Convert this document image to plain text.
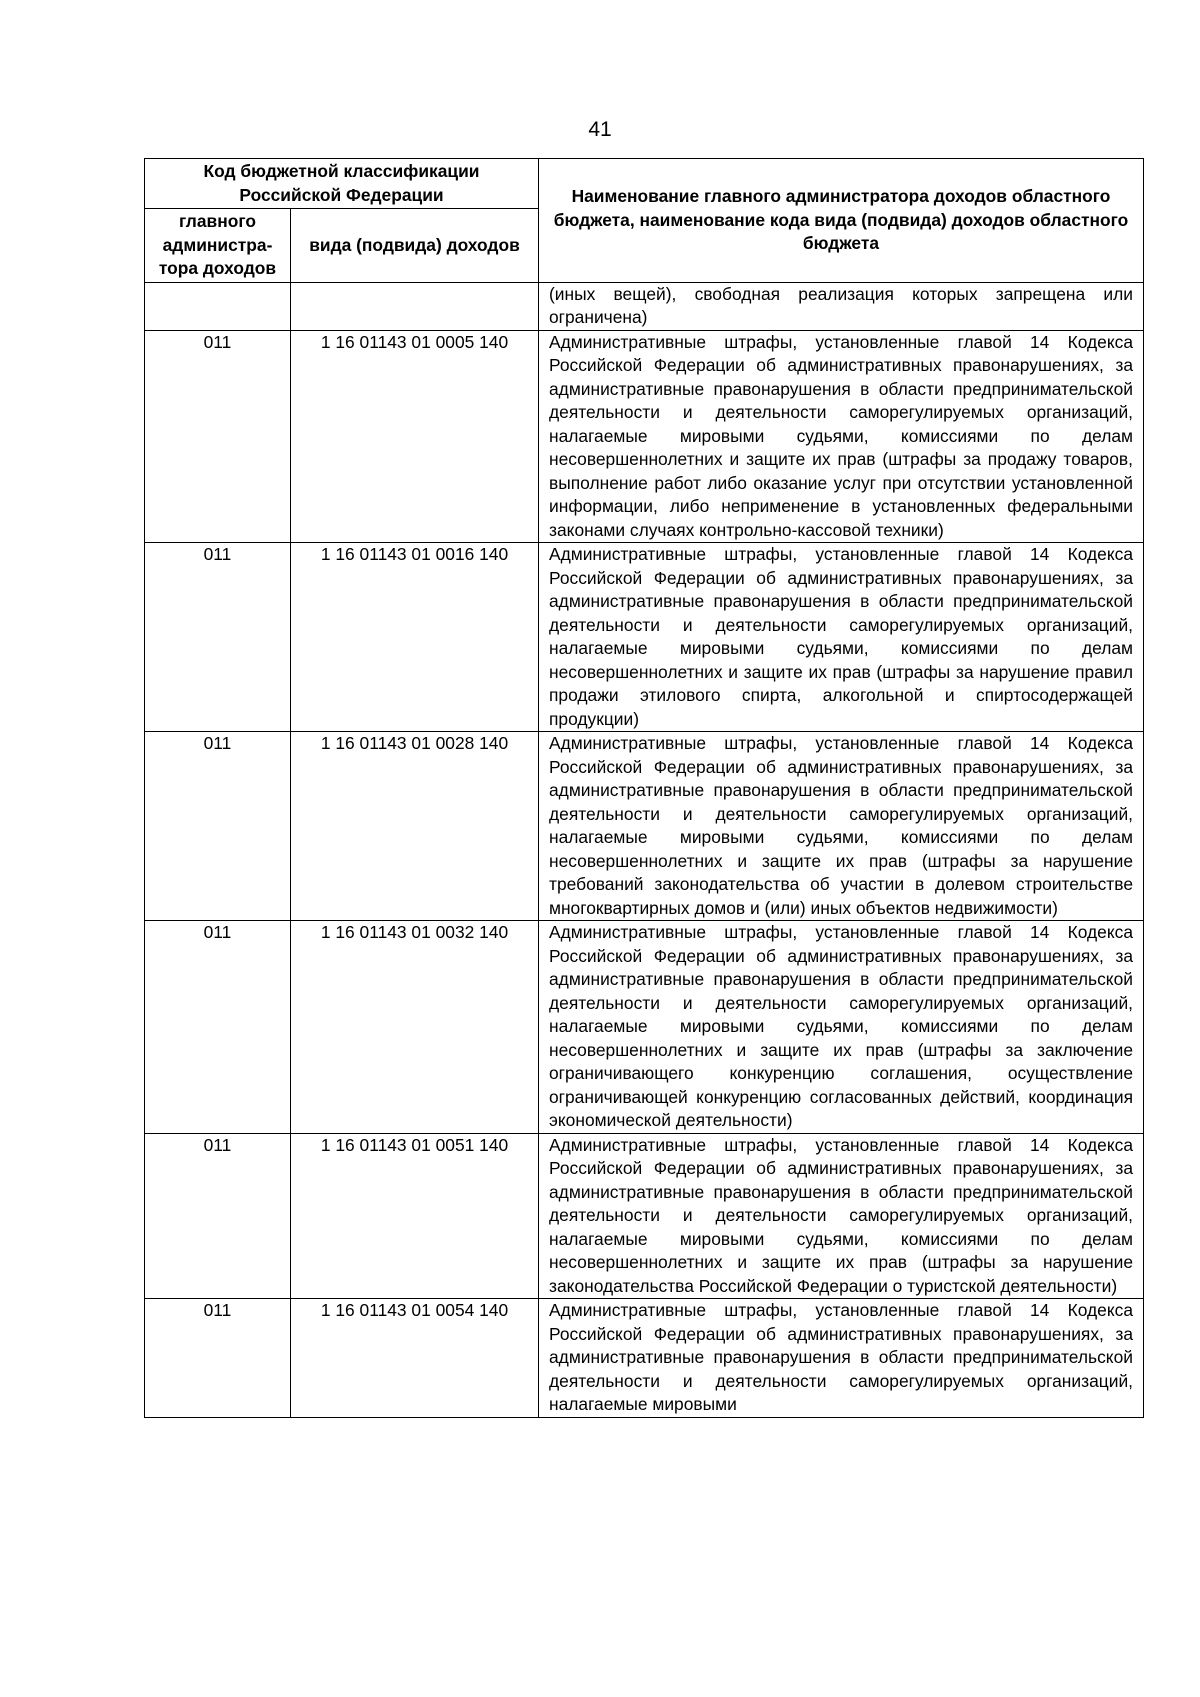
41
Код бюджетной классификации Российской Федерации		Наименование главного администратора доходов областного бюджета, наименование кода вида (подвида) доходов областного бюджета
главного администра-тора доходов	вида (подвида) доходов	
		(иных вещей), свободная реализация которых запрещена или ограничена)
011	1 16 01143 01 0005 140	Административные штрафы, установленные главой 14 Кодекса Российской Федерации об административных правонарушениях, за административные правонарушения в области предпринимательской деятельности и деятельности саморегулируемых организаций, налагаемые мировыми судьями, комиссиями по делам несовершеннолетних и защите их прав (штрафы за продажу товаров, выполнение работ либо оказание услуг при отсутствии установленной информации, либо неприменение в установленных федеральными законами случаях контрольно-кассовой техники)
011	1 16 01143 01 0016 140	Административные штрафы, установленные главой 14 Кодекса Российской Федерации об административных правонарушениях, за административные правонарушения в области предпринимательской деятельности и деятельности саморегулируемых организаций, налагаемые мировыми судьями, комиссиями по делам несовершеннолетних и защите их прав (штрафы за нарушение правил продажи этилового спирта, алкогольной и спиртосодержащей продукции)
011	1 16 01143 01 0028 140	Административные штрафы, установленные главой 14 Кодекса Российской Федерации об административных правонарушениях, за административные правонарушения в области предпринимательской деятельности и деятельности саморегулируемых организаций, налагаемые мировыми судьями, комиссиями по делам несовершеннолетних и защите их прав (штрафы за нарушение требований законодательства об участии в долевом строительстве многоквартирных домов и (или) иных объектов недвижимости)
011	1 16 01143 01 0032 140	Административные штрафы, установленные главой 14 Кодекса Российской Федерации об административных правонарушениях, за административные правонарушения в области предпринимательской деятельности и деятельности саморегулируемых организаций, налагаемые мировыми судьями, комиссиями по делам несовершеннолетних и защите их прав (штрафы за заключение ограничивающего конкуренцию соглашения, осуществление ограничивающей конкуренцию согласованных действий, координация экономической деятельности)
011	1 16 01143 01 0051 140	Административные штрафы, установленные главой 14 Кодекса Российской Федерации об административных правонарушениях, за административные правонарушения в области предпринимательской деятельности и деятельности саморегулируемых организаций, налагаемые мировыми судьями, комиссиями по делам несовершеннолетних и защите их прав (штрафы за нарушение законодательства Российской Федерации о туристской деятельности)
011	1 16 01143 01 0054 140	Административные штрафы, установленные главой 14 Кодекса Российской Федерации об административных правонарушениях, за административные правонарушения в области предпринимательской деятельности и деятельности саморегулируемых организаций, налагаемые мировыми
